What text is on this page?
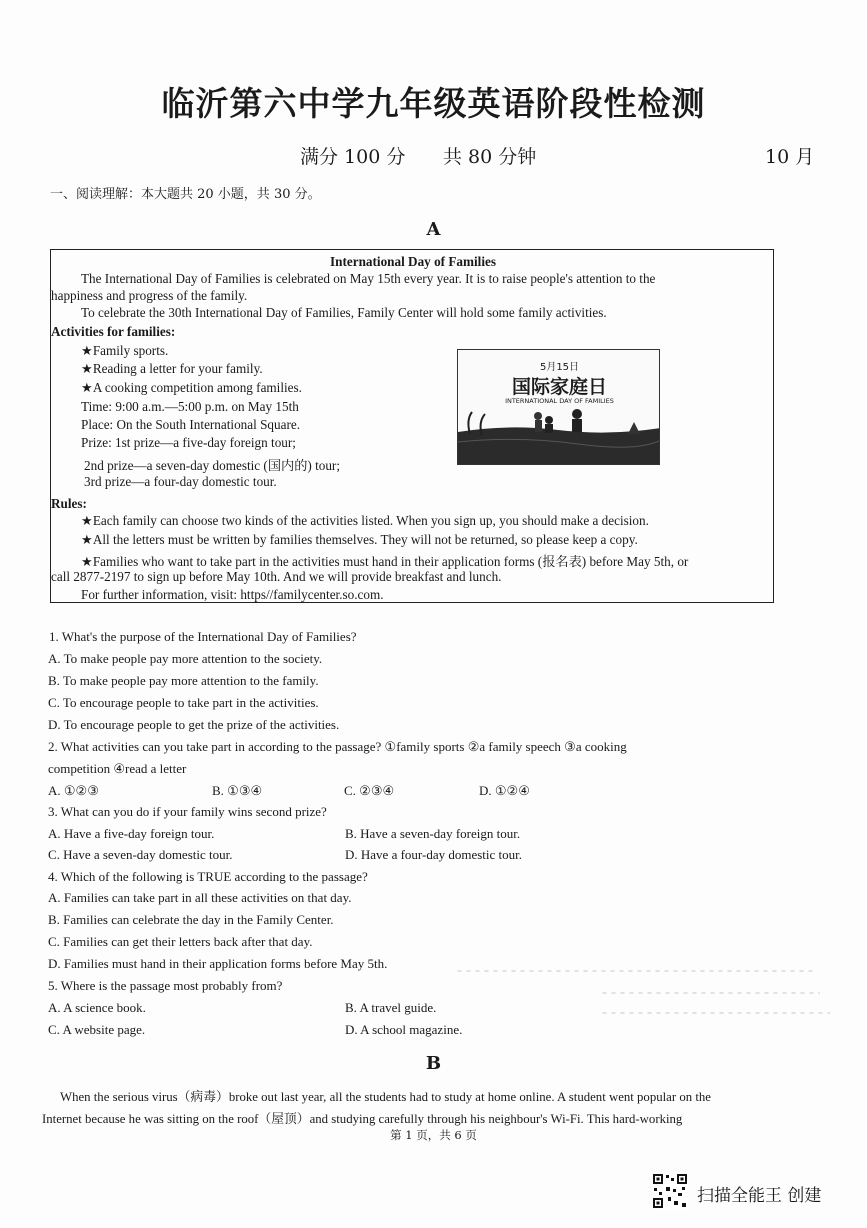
临沂第六中学九年级英语阶段性检测
满分 100 分 共 80 分钟	10 月
一、阅读理解：本大题共 20 小题，共 30 分。
A
International Day of Families
The International Day of Families is celebrated on May 15th every year. It is to raise people's attention to the
happiness and progress of the family.
To celebrate the 30th International Day of Families, Family Center will hold some family activities.
Activities for families:
★Family sports.
★Reading a letter for your family.
★A cooking competition among families.
Time: 9:00 a.m.—5:00 p.m. on May 15th
Place: On the South International Square.
Prize: 1st prize—a five-day foreign tour;
2nd prize—a seven-day domestic (国内的) tour;
3rd prize—a four-day domestic tour.
Rules:
★Each family can choose two kinds of the activities listed. When you sign up, you should make a decision.
★All the letters must be written by families themselves. They will not be returned, so please keep a copy.
★Families who want to take part in the activities must hand in their application forms (报名表) before May 5th, or
call 2877-2197 to sign up before May 10th. And we will provide breakfast and lunch.
For further information, visit: https//familycenter.so.com.
5月15日
国际家庭日
INTERNATIONAL DAY OF FAMILIES
1. What's the purpose of the International Day of Families?
A. To make people pay more attention to the society.
B. To make people pay more attention to the family.
C. To encourage people to take part in the activities.
D. To encourage people to get the prize of the activities.
2. What activities can you take part in according to the passage? ①family sports ②a family speech ③a cooking
competition ④read a letter
A. ①②③	B. ①③④	C. ②③④	D. ①②④
3. What can you do if your family wins second prize?
A. Have a five-day foreign tour.	B. Have a seven-day foreign tour.
C. Have a seven-day domestic tour.	D. Have a four-day domestic tour.
4. Which of the following is TRUE according to the passage?
A. Families can take part in all these activities on that day.
B. Families can celebrate the day in the Family Center.
C. Families can get their letters back after that day.
D. Families must hand in their application forms before May 5th.
5. Where is the passage most probably from?
A. A science book.	B. A travel guide.
C. A website page.	D. A school magazine.
B
When the serious virus（病毒）broke out last year, all the students had to study at home online. A student went popular on the
Internet because he was sitting on the roof（屋顶）and studying carefully through his neighbour's Wi-Fi. This hard-working
第 1 页，共 6 页
扫描全能王 创建
